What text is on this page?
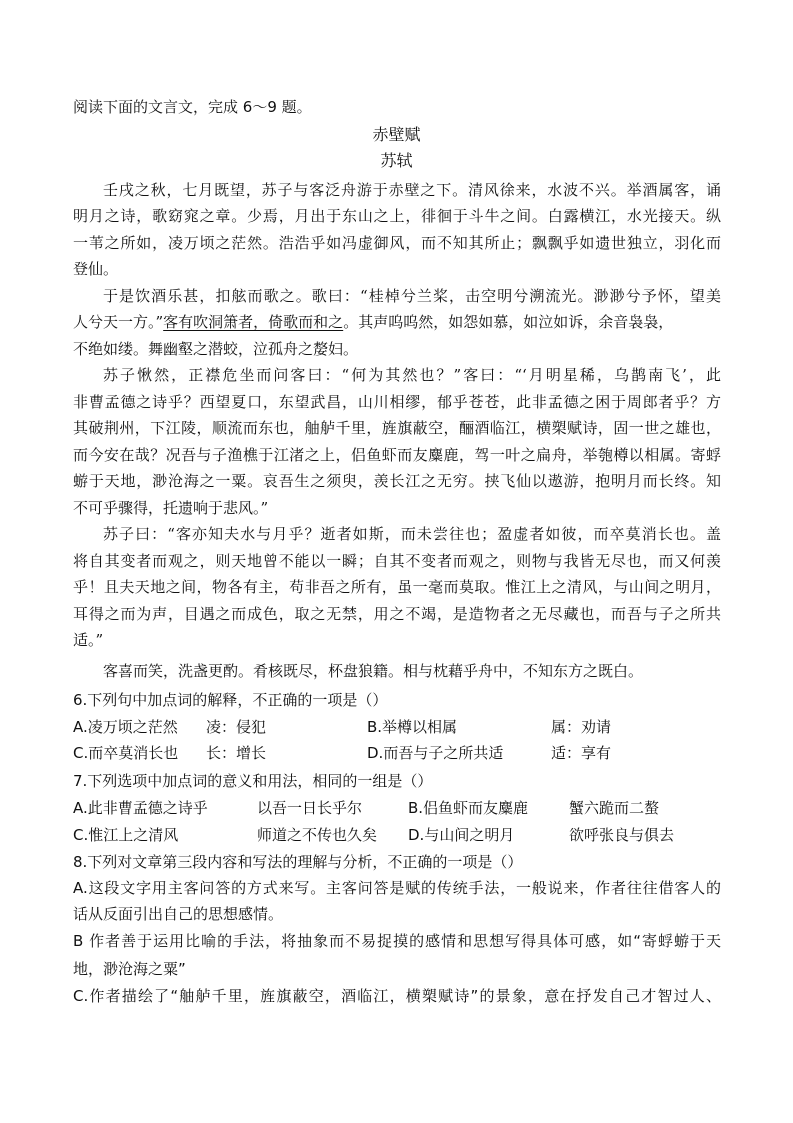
阅读下面的文言文，完成 6～9 题。
赤壁赋
苏轼
壬戌之秋，七月既望，苏子与客泛舟游于赤壁之下。清风徐来，水波不兴。举酒属客，诵
明月之诗，歌窈窕之章。少焉，月出于东山之上，徘徊于斗牛之间。白露横江，水光接天。纵
一苇之所如，凌万顷之茫然。浩浩乎如冯虚御风，而不知其所止；飘飘乎如遗世独立，羽化而
登仙。
于是饮酒乐甚，扣舷而歌之。歌曰：“桂棹兮兰桨，击空明兮溯流光。渺渺兮予怀，望美
人兮天一方。”客有吹洞箫者，倚歌而和之。其声呜呜然，如怨如慕，如泣如诉，余音袅袅，
不绝如缕。舞幽壑之潜蛟，泣孤舟之嫠妇。
苏子愀然，正襟危坐而问客曰：“何为其然也？”客曰：“‘月明星稀，乌鹊南飞’，此
非曹孟德之诗乎？西望夏口，东望武昌，山川相缪，郁乎苍苍，此非孟德之困于周郎者乎？方
其破荆州，下江陵，顺流而东也，舳舻千里，旌旗蔽空，酾酒临江，横槊赋诗，固一世之雄也，
而今安在哉？况吾与子渔樵于江渚之上，侣鱼虾而友麋鹿，驾一叶之扁舟，举匏樽以相属。寄蜉
蝣于天地，渺沧海之一粟。哀吾生之须臾，羡长江之无穷。挟飞仙以遨游，抱明月而长终。知
不可乎骤得，托遗响于悲风。”
苏子曰：“客亦知夫水与月乎？逝者如斯，而未尝往也；盈虚者如彼，而卒莫消长也。盖
将自其变者而观之，则天地曾不能以一瞬；自其不变者而观之，则物与我皆无尽也，而又何羡
乎！且夫天地之间，物各有主，苟非吾之所有，虽一毫而莫取。惟江上之清风，与山间之明月，
耳得之而为声，目遇之而成色，取之无禁，用之不竭，是造物者之无尽藏也，而吾与子之所共
适。”
客喜而笑，洗盏更酌。肴核既尽，杯盘狼籍。相与枕藉乎舟中，不知东方之既白。
6.下列句中加点词的解释，不正确的一项是（）
A.凌万顷之茫然 凌：侵犯	B.举樽以相属	属：劝请
C.而卒莫消长也 长：增长	D.而吾与子之所共适	适：享有
7.下列选项中加点词的意义和用法，相同的一组是（）
A.此非曹孟德之诗乎	以吾一日长乎尔	B.侣鱼虾而友麋鹿	蟹六跪而二螯
C.惟江上之清风	师道之不传也久矣 D.与山间之明月	欲呼张良与俱去
8.下列对文章第三段内容和写法的理解与分析，不正确的一项是（）
A.这段文字用主客问答的方式来写。主客问答是赋的传统手法，一般说来，作者往往借客人的
话从反面引出自己的思想感情。
B 作者善于运用比喻的手法，将抽象而不易捉摸的感情和思想写得具体可感，如“寄蜉蝣于天
地，渺沧海之粟”
C.作者描绘了“舳舻千里，旌旗蔽空，酒临江，横槊赋诗”的景象，意在抒发自己才智过人、
